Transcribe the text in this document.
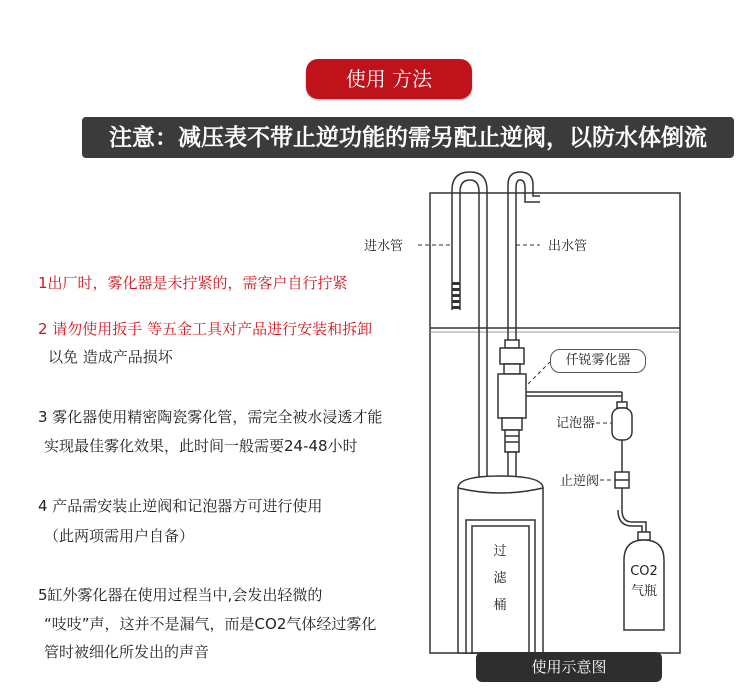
使用 方法
注意：减压表不带止逆功能的需另配止逆阀，以防水体倒流
1出厂时，雾化器是未拧紧的，需客户自行拧紧
2 请勿使用扳手 等五金工具对产品进行安装和拆卸
以免 造成产品损坏
3 雾化器使用精密陶瓷雾化管，需完全被水浸透才能
实现最佳雾化效果，此时间一般需要24-48小时
4 产品需安装止逆阀和记泡器方可进行使用
（此两项需用户自备）
5缸外雾化器在使用过程当中,会发出轻微的
“吱吱”声，这并不是漏气，而是CO2气体经过雾化
管时被细化所发出的声音
过
滤
桶
CO2
气瓶
进水管	出水管
记泡器
止逆阀
仟锐雾化器
使用示意图
